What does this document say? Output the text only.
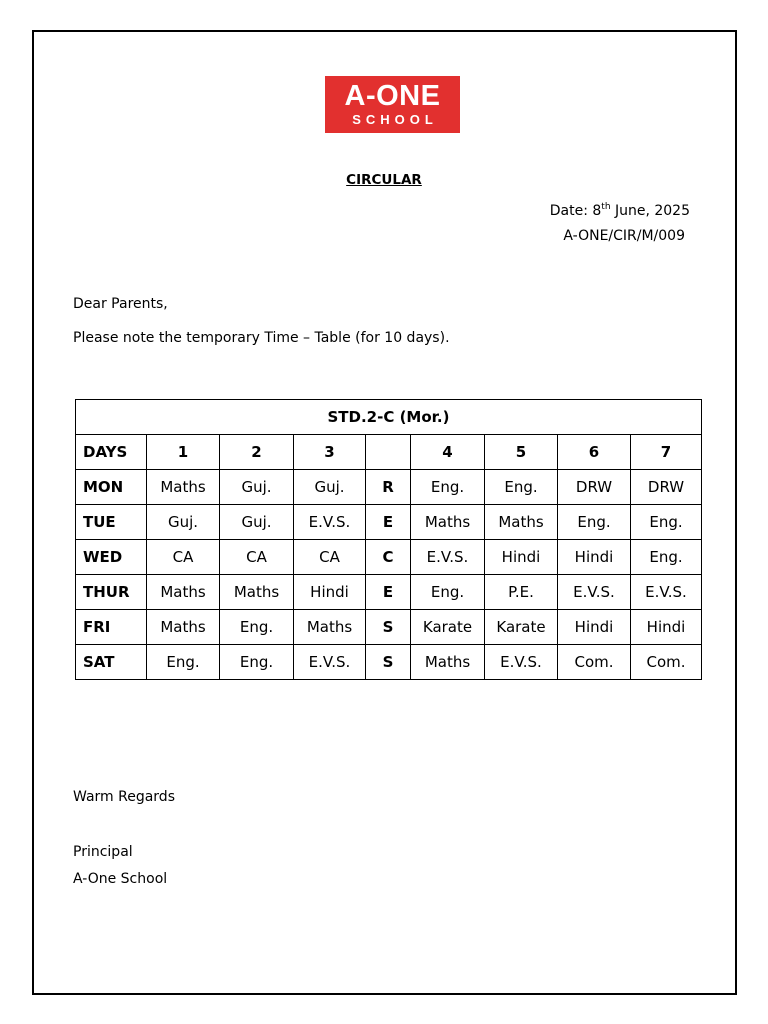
A-ONE
SCHOOL
CIRCULAR
Date: 8th June, 2025
A-ONE/CIR/M/009
Dear Parents,
Please note the temporary Time – Table (for 10 days).
STD.2-C (Mor.)								
DAYS	1	2	3		4	5	6	7
MON	Maths	Guj.	Guj.	R	Eng.	Eng.	DRW	DRW
TUE	Guj.	Guj.	E.V.S.	E	Maths	Maths	Eng.	Eng.
WED	CA	CA	CA	C	E.V.S.	Hindi	Hindi	Eng.
THUR	Maths	Maths	Hindi	E	Eng.	P.E.	E.V.S.	E.V.S.
FRI	Maths	Eng.	Maths	S	Karate	Karate	Hindi	Hindi
SAT	Eng.	Eng.	E.V.S.	S	Maths	E.V.S.	Com.	Com.
Warm Regards
Principal
A-One School
